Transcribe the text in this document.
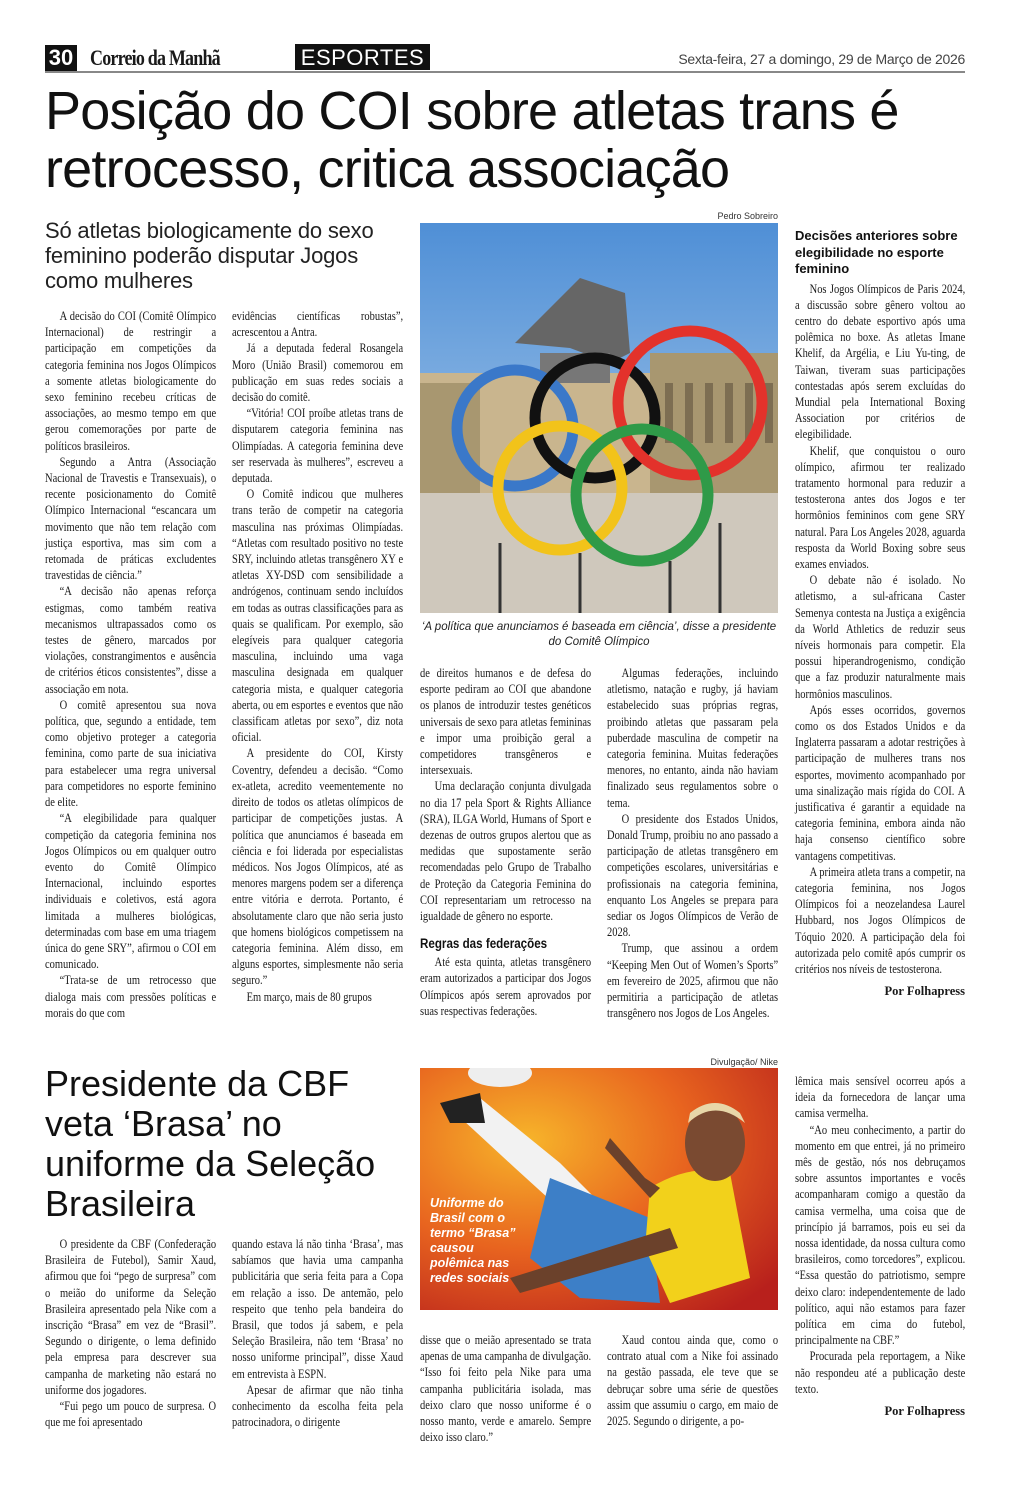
30 Correio da Manhã	ESPORTES	Sexta-feira, 27 a domingo, 29 de Março de 2026
Posição do COI sobre atletas trans é retrocesso, critica associação
Só atletas biologicamente do sexo feminino poderão disputar Jogos como mulheres

A decisão do COI (Comitê Olímpico Internacional) de restringir a participação em competições da categoria feminina nos Jogos Olímpicos a somente atletas biologicamente do sexo feminino recebeu críticas de associações, ao mesmo tempo em que gerou comemorações por parte de políticos brasileiros.

Segundo a Antra (Associação Nacional de Travestis e Transexuais), o recente posicionamento do Comitê Olímpico Internacional “escancara um movimento que não tem relação com justiça esportiva, mas sim com a retomada de práticas excludentes travestidas de ciência.”

“A decisão não apenas reforça estigmas, como também reativa mecanismos ultrapassados como os testes de gênero, marcados por violações, constrangimentos e ausência de critérios éticos consistentes”, disse a associação em nota.

O comitê apresentou sua nova política, que, segundo a entidade, tem como objetivo proteger a categoria feminina, como parte de sua iniciativa para estabelecer uma regra universal para competidores no esporte feminino de elite.

“A elegibilidade para qualquer competição da categoria feminina nos Jogos Olímpicos ou em qualquer outro evento do Comitê Olímpico Internacional, incluindo esportes individuais e coletivos, está agora limitada a mulheres biológicas, determinadas com base em uma triagem única do gene SRY”, afirmou o COI em comunicado.

“Trata-se de um retrocesso que dialoga mais com pressões políticas e morais do que com

evidências científicas robustas”, acrescentou a Antra.

Já a deputada federal Rosangela Moro (União Brasil) comemorou em publicação em suas redes sociais a decisão do comitê.

“Vitória! COI proíbe atletas trans de disputarem categoria feminina nas Olimpíadas. A categoria feminina deve ser reservada às mulheres”, escreveu a deputada.

O Comitê indicou que mulheres trans terão de competir na categoria masculina nas próximas Olimpíadas. “Atletas com resultado positivo no teste SRY, incluindo atletas transgênero XY e atletas XY-DSD com sensibilidade a andrógenos, continuam sendo incluídos em todas as outras classificações para as quais se qualificam. Por exemplo, são elegíveis para qualquer categoria masculina, incluindo uma vaga masculina designada em qualquer categoria mista, e qualquer categoria aberta, ou em esportes e eventos que não classificam atletas por sexo”, diz nota oficial.

A presidente do COI, Kirsty Coventry, defendeu a decisão. “Como ex-atleta, acredito veementemente no direito de todos os atletas olímpicos de participar de competições justas. A política que anunciamos é baseada em ciência e foi liderada por especialistas médicos. Nos Jogos Olímpicos, até as menores margens podem ser a diferença entre vitória e derrota. Portanto, é absolutamente claro que não seria justo que homens biológicos competissem na categoria feminina. Além disso, em alguns esportes, simplesmente não seria seguro.”

Em março, mais de 80 grupos

de direitos humanos e de defesa do esporte pediram ao COI que abandone os planos de introduzir testes genéticos universais de sexo para atletas femininas e impor uma proibição geral a competidores transgêneros e intersexuais.

Uma declaração conjunta divulgada no dia 17 pela Sport & Rights Alliance (SRA), ILGA World, Humans of Sport e dezenas de outros grupos alertou que as medidas que supostamente serão recomendadas pelo Grupo de Trabalho de Proteção da Categoria Feminina do COI representariam um retrocesso na igualdade de gênero no esporte.

Regras das federações

Até esta quinta, atletas transgênero eram autorizados a participar dos Jogos Olímpicos após serem aprovados por suas respectivas federações.

Algumas federações, incluindo atletismo, natação e rugby, já haviam estabelecido suas próprias regras, proibindo atletas que passaram pela puberdade masculina de competir na categoria feminina. Muitas federações menores, no entanto, ainda não haviam finalizado seus regulamentos sobre o tema.

O presidente dos Estados Unidos, Donald Trump, proibiu no ano passado a participação de atletas transgênero em competições escolares, universitárias e profissionais na categoria feminina, enquanto Los Angeles se prepara para sediar os Jogos Olímpicos de Verão de 2028.

Trump, que assinou a ordem “Keeping Men Out of Women’s Sports” em fevereiro de 2025, afirmou que não permitiria a participação de atletas transgênero nos Jogos de Los Angeles.

Pedro Sobreiro
‘A política que anunciamos é baseada em ciência’, disse a presidente do Comitê Olímpico
Decisões anteriores sobre elegibilidade no esporte feminino

Nos Jogos Olímpicos de Paris 2024, a discussão sobre gênero voltou ao centro do debate esportivo após uma polêmica no boxe. As atletas Imane Khelif, da Argélia, e Liu Yu-ting, de Taiwan, tiveram suas participações contestadas após serem excluídas do Mundial pela International Boxing Association por critérios de elegibilidade.

Khelif, que conquistou o ouro olímpico, afirmou ter realizado tratamento hormonal para reduzir a testosterona antes dos Jogos e ter hormônios femininos com gene SRY natural. Para Los Angeles 2028, aguarda resposta da World Boxing sobre seus exames enviados.

O debate não é isolado. No atletismo, a sul-africana Caster Semenya contesta na Justiça a exigência da World Athletics de reduzir seus níveis hormonais para competir. Ela possui hiperandrogenismo, condição que a faz produzir naturalmente mais hormônios masculinos.

Após esses ocorridos, governos como os dos Estados Unidos e da Inglaterra passaram a adotar restrições à participação de mulheres trans nos esportes, movimento acompanhado por uma sinalização mais rígida do COI. A justificativa é garantir a equidade na categoria feminina, embora ainda não haja consenso científico sobre vantagens competitivas.

A primeira atleta trans a competir, na categoria feminina, nos Jogos Olímpicos foi a neozelandesa Laurel Hubbard, nos Jogos Olímpicos de Tóquio 2020. A participação dela foi autorizada pelo comitê após cumprir os critérios nos níveis de testosterona.

Por Folhapress
Presidente da CBF veta ‘Brasa’ no uniforme da Seleção Brasileira

O presidente da CBF (Confederação Brasileira de Futebol), Samir Xaud, afirmou que foi “pego de surpresa” com o meião do uniforme da Seleção Brasileira apresentado pela Nike com a inscrição “Brasa” em vez de “Brasil”. Segundo o dirigente, o lema definido pela empresa para descrever sua campanha de marketing não estará no uniforme dos jogadores.

“Fui pego um pouco de surpresa. O que me foi apresentado

quando estava lá não tinha ‘Brasa’, mas sabíamos que havia uma campanha publicitária que seria feita para a Copa em relação a isso. De antemão, pelo respeito que tenho pela bandeira do Brasil, que todos já sabem, e pela Seleção Brasileira, não tem ‘Brasa’ no nosso uniforme principal”, disse Xaud em entrevista à ESPN.

Apesar de afirmar que não tinha conhecimento da escolha feita pela patrocinadora, o dirigente

disse que o meião apresentado se trata apenas de uma campanha de divulgação. “Isso foi feito pela Nike para uma campanha publicitária isolada, mas deixo claro que nosso uniforme é o nosso manto, verde e amarelo. Sempre deixo isso claro.”

Xaud contou ainda que, como o contrato atual com a Nike foi assinado na gestão passada, ele teve que se debruçar sobre uma série de questões assim que assumiu o cargo, em maio de 2025. Segundo o dirigente, a po-

lêmica mais sensível ocorreu após a ideia da fornecedora de lançar uma camisa vermelha.

“Ao meu conhecimento, a partir do momento em que entrei, já no primeiro mês de gestão, nós nos debruçamos sobre assuntos importantes e vocês acompanharam comigo a questão da camisa vermelha, uma coisa que de princípio já barramos, pois eu sei da nossa identidade, da nossa cultura como brasileiros, como torcedores”, explicou. “Essa questão do patriotismo, sempre deixo claro: independentemente de lado político, aqui não estamos para fazer política em cima do futebol, principalmente na CBF.”

Procurada pela reportagem, a Nike não respondeu até a publicação deste texto.

Por Folhapress
Divulgação/ Nike
Uniforme do Brasil com o termo “Brasa” causou polêmica nas redes sociais
